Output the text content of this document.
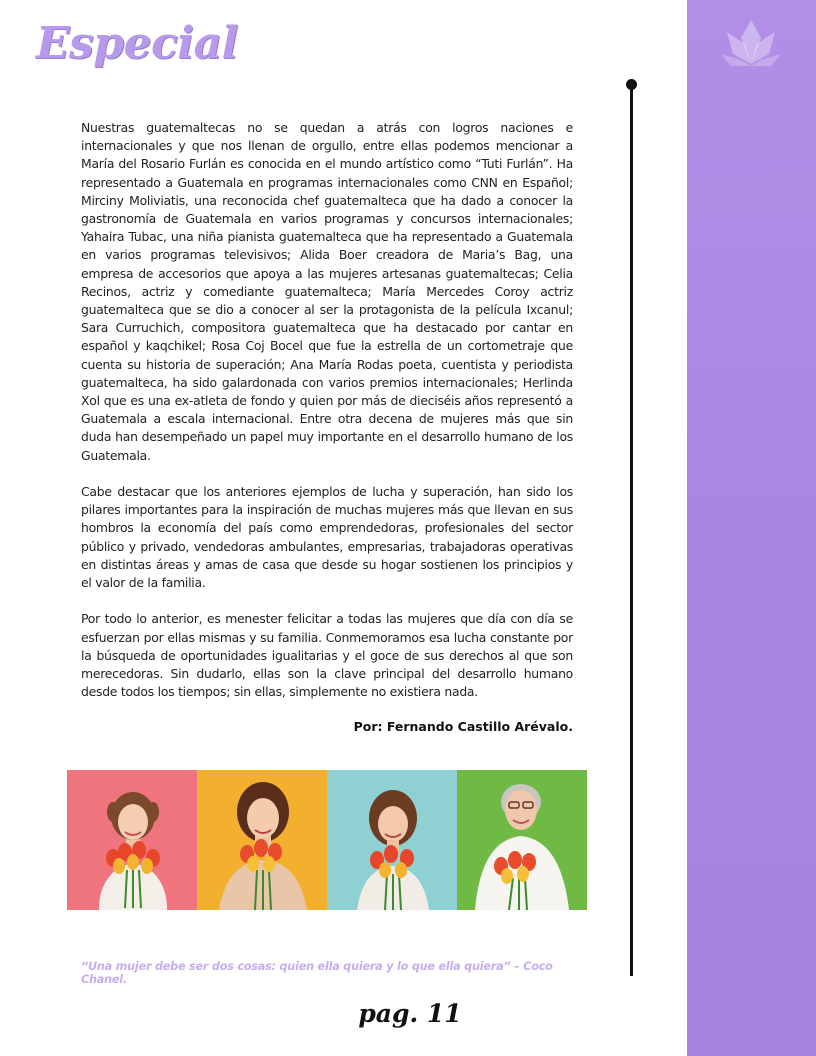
Especial

Nuestras guatemaltecas no se quedan a atrás con logros naciones e internacionales y que nos llenan de orgullo, entre ellas podemos mencionar a María del Rosario Furlán es conocida en el mundo artístico como “Tuti Furlán”. Ha representado a Guatemala en programas internacionales como CNN en Español; Mirciny Moliviatis, una reconocida chef guatemalteca que ha dado a conocer la gastronomía de Guatemala en varios programas y concursos internacionales; Yahaira Tubac, una niña pianista guatemalteca que ha representado a Guatemala en varios programas televisivos; Alida Boer creadora de Maria’s Bag, una empresa de accesorios que apoya a las mujeres artesanas guatemaltecas; Celia Recinos, actriz y comediante guatemalteca; María Mercedes Coroy actriz guatemalteca que se dio a conocer al ser la protagonista de la película Ixcanul; Sara Curruchich, compositora guatemalteca que ha destacado por cantar en español y kaqchikel; Rosa Coj Bocel que fue la estrella de un cortometraje que cuenta su historia de superación; Ana María Rodas poeta, cuentista y periodista guatemalteca, ha sido galardonada con varios premios internacionales; Herlinda Xol que es una ex-atleta de fondo y quien por más de dieciséis años representó a Guatemala a escala internacional. Entre otra decena de mujeres más que sin duda han desempeñado un papel muy importante en el desarrollo humano de los Guatemala.

Cabe destacar que los anteriores ejemplos de lucha y superación, han sido los pilares importantes para la inspiración de muchas mujeres más que llevan en sus hombros la economía del país como emprendedoras, profesionales del sector público y privado, vendedoras ambulantes, empresarias, trabajadoras operativas en distintas áreas y amas de casa que desde su hogar sostienen los principios y el valor de la familia.

Por todo lo anterior, es menester felicitar a todas las mujeres que día con día se esfuerzan por ellas mismas y su familia. Conmemoramos esa lucha constante por la búsqueda de oportunidades igualitarias y el goce de sus derechos al que son merecedoras. Sin dudarlo, ellas son la clave principal del desarrollo humano desde todos los tiempos; sin ellas, simplemente no existiera nada.

Por: Fernando Castillo Arévalo.
“Una mujer debe ser dos cosas: quien ella quiera y lo que ella quiera” – Coco Chanel.
pag. 11
